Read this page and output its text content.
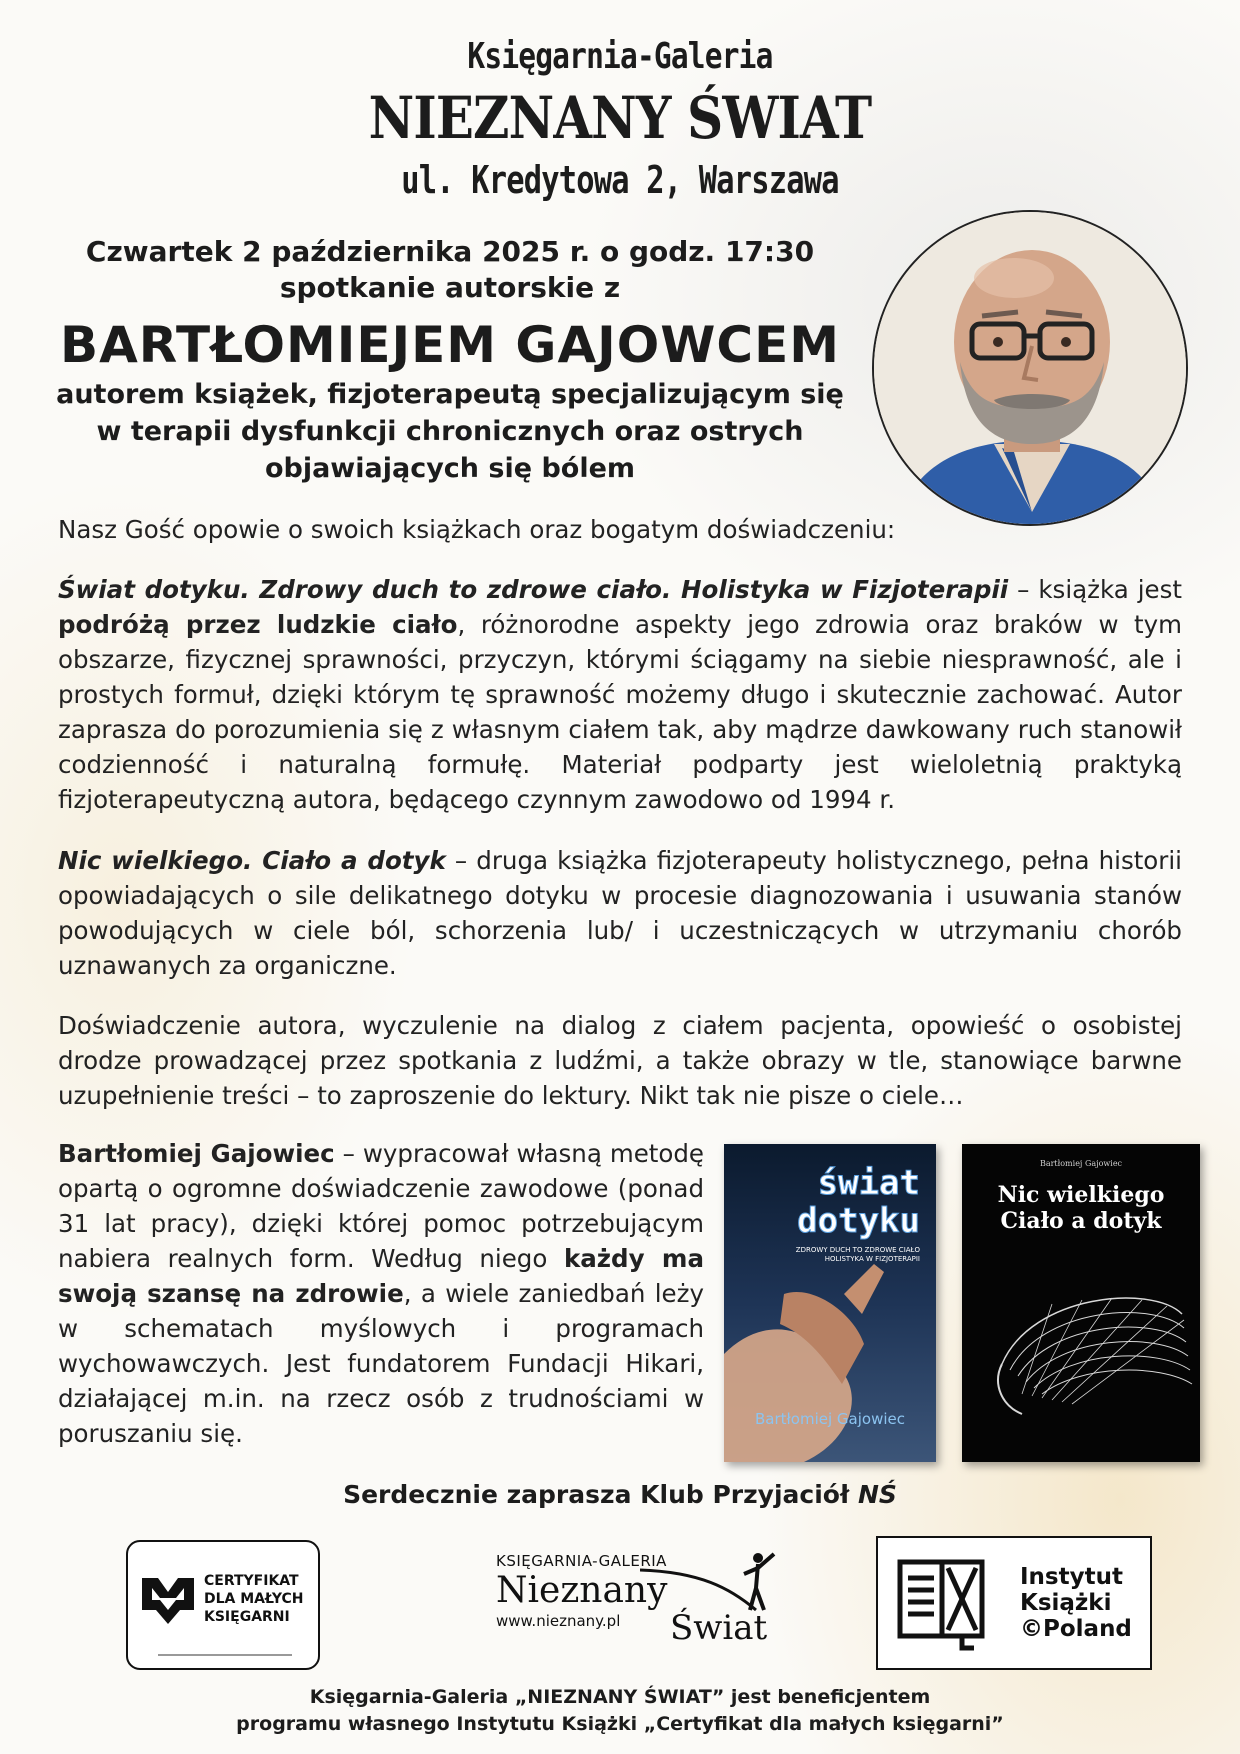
Księgarnia-Galeria
NIEZNANY ŚWIAT
ul. Kredytowa 2, Warszawa
Czwartek 2 października 2025 r. o godz. 17:30
spotkanie autorskie z
BARTŁOMIEJEM GAJOWCEM
autorem książek, fizjoterapeutą specjalizującym się
w terapii dysfunkcji chronicznych oraz ostrych
objawiających się bólem
Nasz Gość opowie o swoich książkach oraz bogatym doświadczeniu:

Świat dotyku. Zdrowy duch to zdrowe ciało. Holistyka w Fizjoterapii – książka jest podróżą przez ludzkie ciało, różnorodne aspekty jego zdrowia oraz braków w tym obszarze, fizycznej sprawności, przyczyn, którymi ściągamy na siebie niesprawność, ale i prostych formuł, dzięki którym tę sprawność możemy długo i skutecznie zachować. Autor zaprasza do porozumienia się z własnym ciałem tak, aby mądrze dawkowany ruch stanowił codzienność i naturalną formułę. Materiał podparty jest wieloletnią praktyką fizjoterapeutyczną autora, będącego czynnym zawodowo od 1994 r.

Nic wielkiego. Ciało a dotyk – druga książka fizjoterapeuty holistycznego, pełna historii opowiadających o sile delikatnego dotyku w procesie diagnozowania i usuwania stanów powodujących w ciele ból, schorzenia lub/ i uczestniczących w utrzymaniu chorób uznawanych za organiczne.

Doświadczenie autora, wyczulenie na dialog z ciałem pacjenta, opowieść o osobistej drodze prowadzącej przez spotkania z ludźmi, a także obrazy w tle, stanowiące barwne uzupełnienie treści – to zaproszenie do lektury. Nikt tak nie pisze o ciele…

Bartłomiej Gajowiec – wypracował własną metodę opartą o ogromne doświadczenie zawodowe (ponad 31 lat pracy), dzięki której pomoc potrzebującym nabiera realnych form. Według niego każdy ma swoją szansę na zdrowie, a wiele zaniedbań leży w schematach myślowych i programach wychowawczych. Jest fundatorem Fundacji Hikari, działającej m.in. na rzecz osób z trudnościami w poruszaniu się.

świat
dotyku
ZDROWY DUCH TO ZDROWE CIAŁO
HOLISTYKA W FIZJOTERAPII
Bartłomiej Gajowiec
Bartłomiej Gajowiec
Nic wielkiego
Ciało a dotyk
Serdecznie zaprasza Klub Przyjaciół NŚ
CERTYFIKAT
DLA MAŁYCH
KSIĘGARNI
KSIĘGARNIA-GALERIA
Nieznany
www.nieznany.pl Świat
Instytut
Książki
©Poland
Księgarnia-Galeria „NIEZNANY ŚWIAT” jest beneficjentem
programu własnego Instytutu Książki „Certyfikat dla małych księgarni”
